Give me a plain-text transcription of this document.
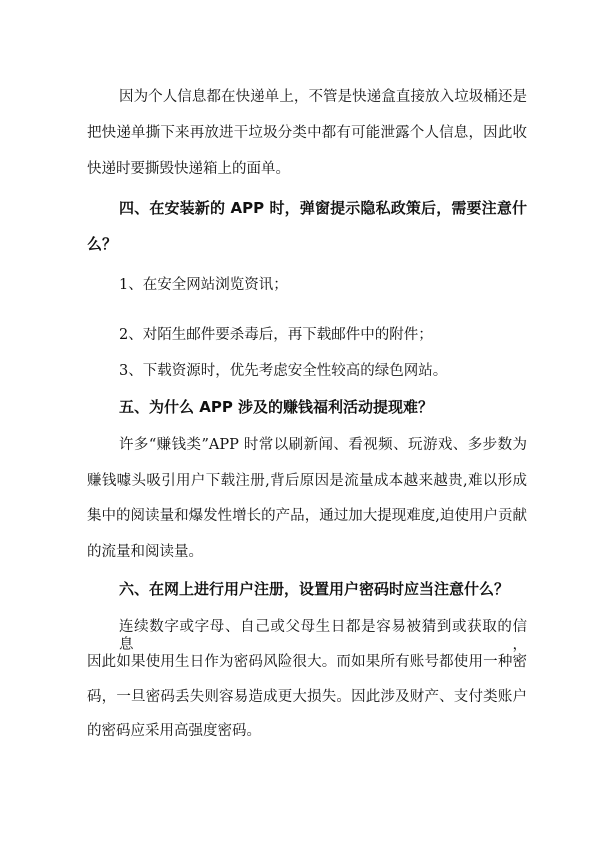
因为个人信息都在快递单上，不管是快递盒直接放入垃圾桶还是
把快递单撕下来再放进干垃圾分类中都有可能泄露个人信息，因此收
快递时要撕毁快递箱上的面单。
四、在安装新的 APP 时，弹窗提示隐私政策后，需要注意什
么？
1、在安全网站浏览资讯；
2、对陌生邮件要杀毒后，再下载邮件中的附件；
3、下载资源时，优先考虑安全性较高的绿色网站。
五、为什么 APP 涉及的赚钱福利活动提现难？
许多“赚钱类”APP 时常以刷新闻、看视频、玩游戏、多步数为
赚钱噱头吸引用户下载注册,背后原因是流量成本越来越贵,难以形成
集中的阅读量和爆发性增长的产品，通过加大提现难度,迫使用户贡献
的流量和阅读量。
六、在网上进行用户注册，设置用户密码时应当注意什么？
连续数字或字母、自己或父母生日都是容易被猜到或获取的信息，
因此如果使用生日作为密码风险很大。而如果所有账号都使用一种密
码，一旦密码丢失则容易造成更大损失。因此涉及财产、支付类账户
的密码应采用高强度密码。
